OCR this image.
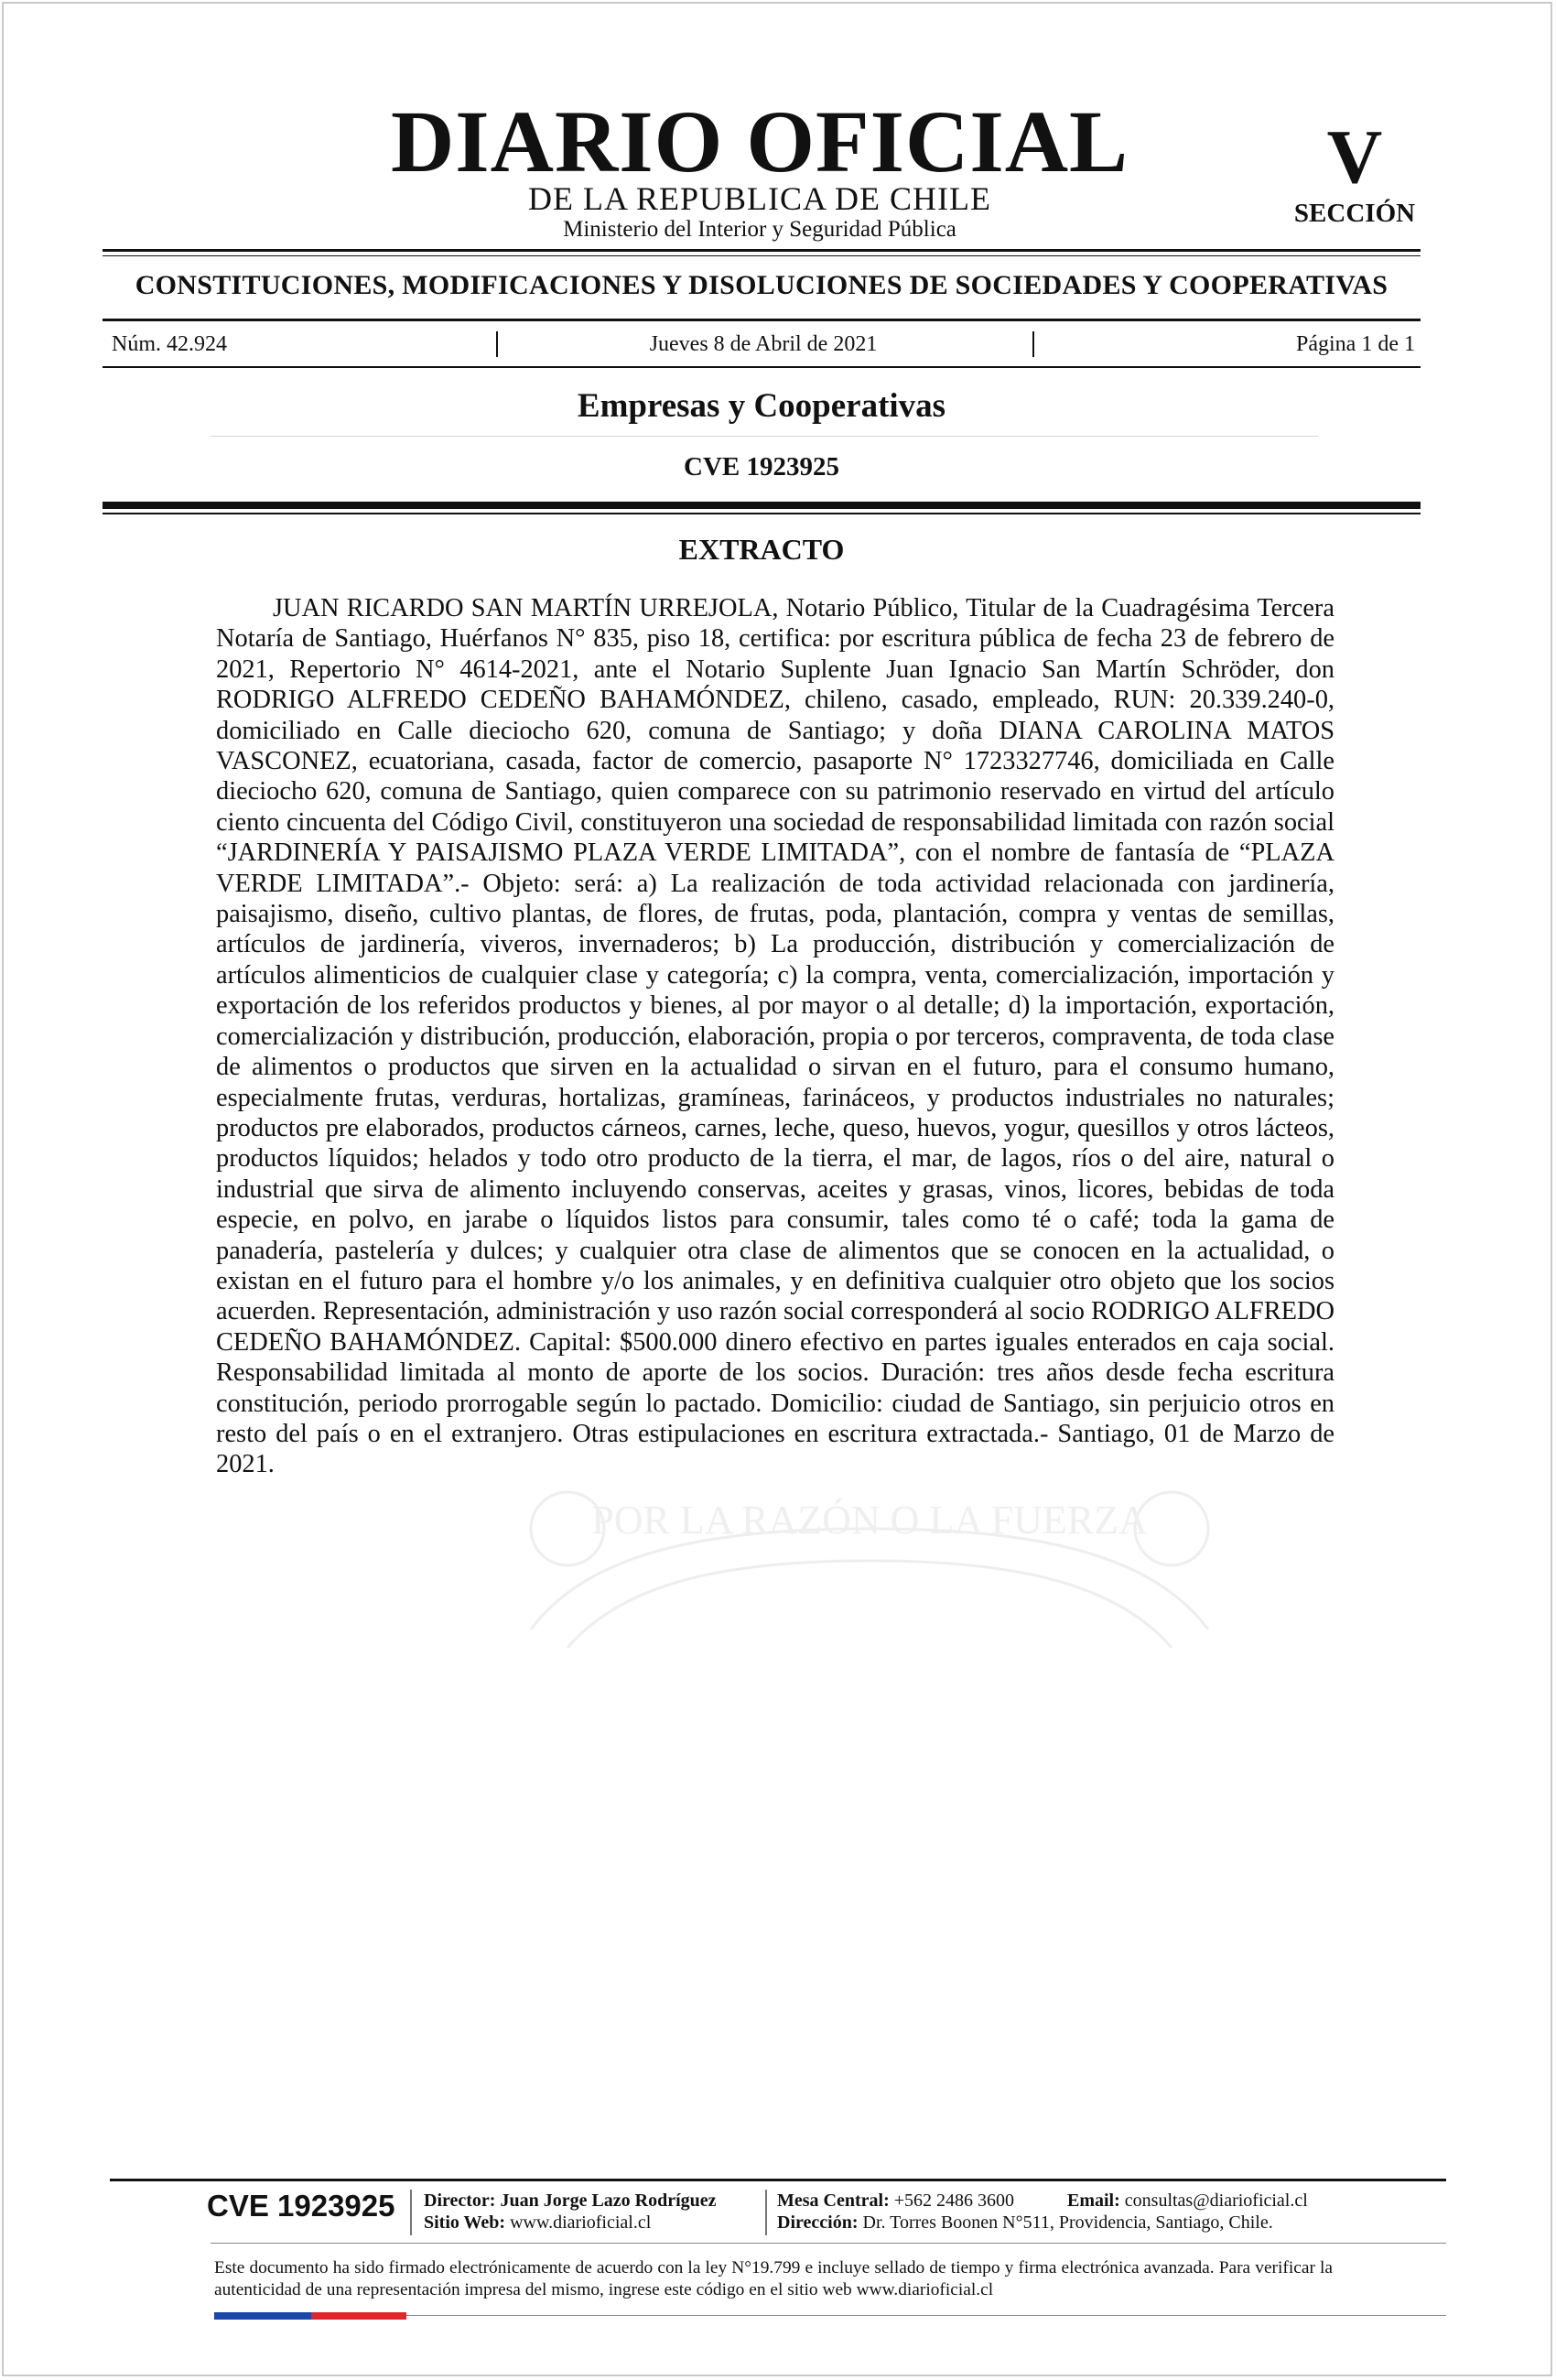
DIARIO OFICIAL
DE LA REPUBLICA DE CHILE
Ministerio del Interior y Seguridad Pública
V
SECCIÓN
CONSTITUCIONES, MODIFICACIONES Y DISOLUCIONES DE SOCIEDADES Y COOPERATIVAS
Núm. 42.924	Jueves 8 de Abril de 2021	Página 1 de 1
Empresas y Cooperativas
CVE 1923925
EXTRACTO
POR LA RAZÓN O LA FUERZA
JUAN RICARDO SAN MARTÍN URREJOLA, Notario Público, Titular de la Cuadragésima Tercera Notaría de Santiago, Huérfanos N° 835, piso 18, certifica: por escritura pública de fecha 23 de febrero de 2021, Repertorio N° 4614-2021, ante el Notario Suplente Juan Ignacio San Martín Schröder, don RODRIGO ALFREDO CEDEÑO BAHAMÓNDEZ, chileno, casado, empleado, RUN: 20.339.240-0, domiciliado en Calle dieciocho 620, comuna de Santiago; y doña DIANA CAROLINA MATOS VASCONEZ, ecuatoriana, casada, factor de comercio, pasaporte N° 1723327746, domiciliada en Calle dieciocho 620, comuna de Santiago, quien comparece con su patrimonio reservado en virtud del artículo ciento cincuenta del Código Civil, constituyeron una sociedad de responsabilidad limitada con razón social “JARDINERÍA Y PAISAJISMO PLAZA VERDE LIMITADA”, con el nombre de fantasía de “PLAZA VERDE LIMITADA”.- Objeto: será: a) La realización de toda actividad relacionada con jardinería, paisajismo, diseño, cultivo plantas, de flores, de frutas, poda, plantación, compra y ventas de semillas, artículos de jardinería, viveros, invernaderos; b) La producción, distribución y comercialización de artículos alimenticios de cualquier clase y categoría; c) la compra, venta, comercialización, importación y exportación de los referidos productos y bienes, al por mayor o al detalle; d) la importación, exportación, comercialización y distribución, producción, elaboración, propia o por terceros, compraventa, de toda clase de alimentos o productos que sirven en la actualidad o sirvan en el futuro, para el consumo humano, especialmente frutas, verduras, hortalizas, gramíneas, farináceos, y productos industriales no naturales; productos pre elaborados, productos cárneos, carnes, leche, queso, huevos, yogur, quesillos y otros lácteos, productos líquidos; helados y todo otro producto de la tierra, el mar, de lagos, ríos o del aire, natural o industrial que sirva de alimento incluyendo conservas, aceites y grasas, vinos, licores, bebidas de toda especie, en polvo, en jarabe o líquidos listos para consumir, tales como té o café; toda la gama de panadería, pastelería y dulces; y cualquier otra clase de alimentos que se conocen en la actualidad, o existan en el futuro para el hombre y/o los animales, y en definitiva cualquier otro objeto que los socios acuerden. Representación, administración y uso razón social corresponderá al socio RODRIGO ALFREDO CEDEÑO BAHAMÓNDEZ. Capital: $500.000 dinero efectivo en partes iguales enterados en caja social. Responsabilidad limitada al monto de aporte de los socios. Duración: tres años desde fecha escritura constitución, periodo prorrogable según lo pactado. Domicilio: ciudad de Santiago, sin perjuicio otros en resto del país o en el extranjero. Otras estipulaciones en escritura extractada.- Santiago, 01 de Marzo de 2021.
CVE 1923925	Director: Juan Jorge Lazo Rodríguez
Sitio Web: www.diarioficial.cl
Mesa Central: +562 2486 3600	Email: consultas@diarioficial.cl
Dirección: Dr. Torres Boonen N°511, Providencia, Santiago, Chile.
Este documento ha sido firmado electrónicamente de acuerdo con la ley N°19.799 e incluye sellado de tiempo y firma electrónica avanzada. Para verificar la autenticidad de una representación impresa del mismo, ingrese este código en el sitio web www.diarioficial.cl
